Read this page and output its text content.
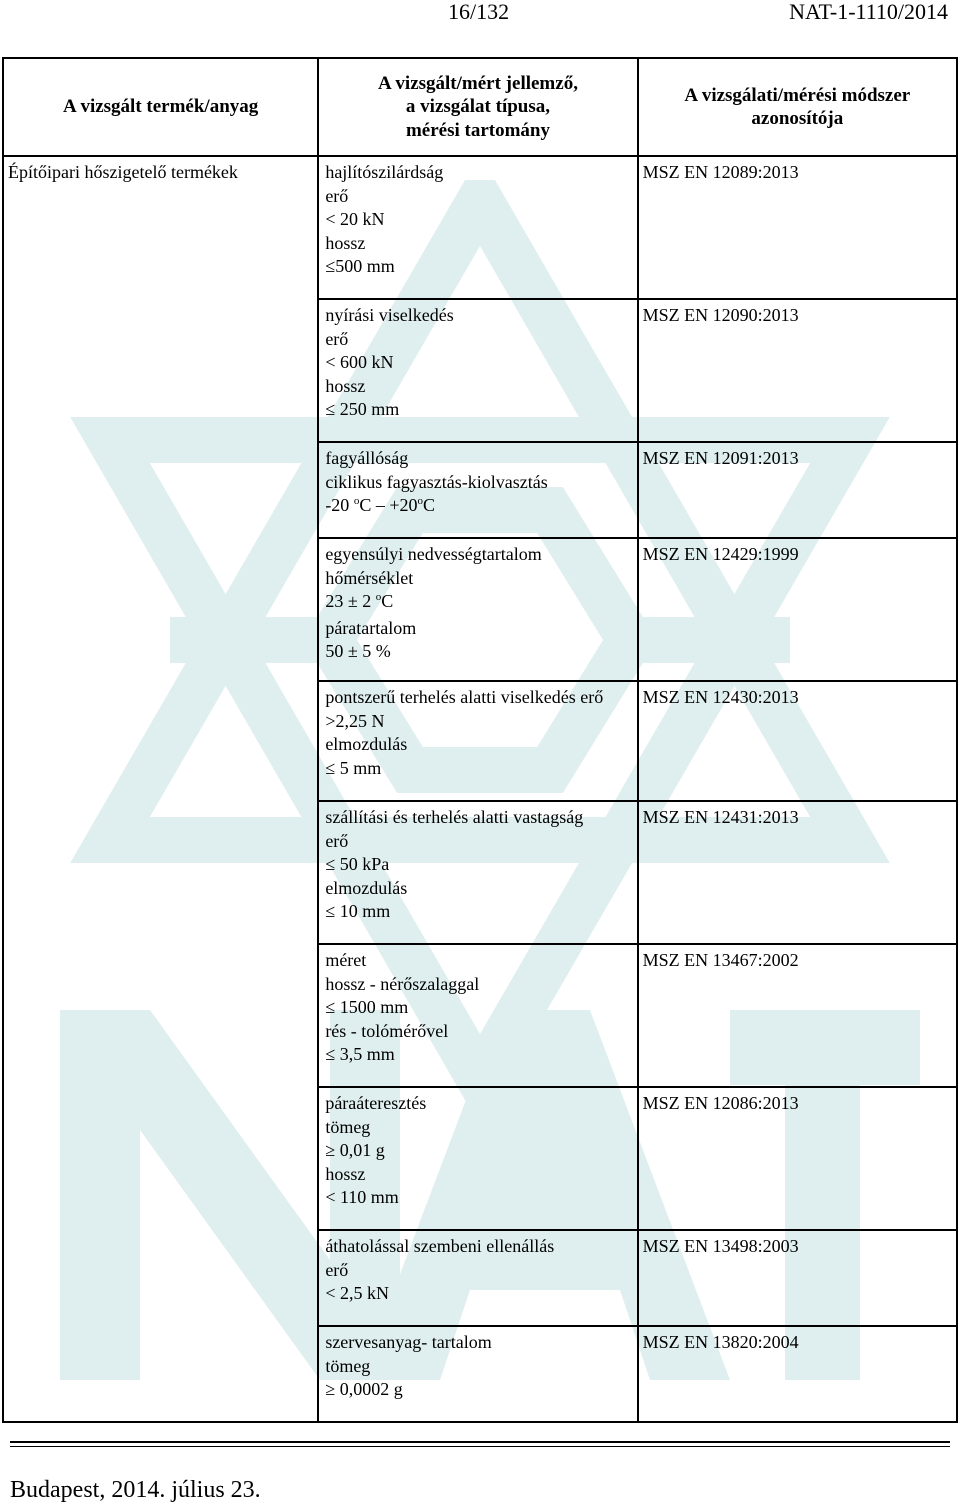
16/132	NAT-1-1110/2014
A vizsgált termék/anyag	A vizsgált/mért jellemző,
a vizsgálat típusa,
mérési tartomány	A vizsgálati/mérési módszer
azonosítója
Építőipari hőszigetelő termékek	hajlítószilárdság
erő
< 20 kN
hossz
≤500 mm	MSZ EN 12089:2013

	nyírási viselkedés
erő
< 600 kN
hossz
≤ 250 mm	MSZ EN 12090:2013

	fagyállóság
ciklikus fagyasztás-kiolvasztás
-20 $^oC - +20^oC$	MSZ EN 12091:2013

	egyensúlyi nedvességtartalom
hőmérséklet
23 ± 2 $^o$C
páratartalom
50 ± 5 %	MSZ EN 12429:1999

	pontszerű terhelés alatti viselkedés erő
>2,25 N
elmozdulás
≤ 5 mm	MSZ EN 12430:2013

	szállítási és terhelés alatti vastagság
erő
≤ 50 kPa
elmozdulás
≤ 10 mm	MSZ EN 12431:2013

	méret
hossz - nérőszalaggal
≤ 1500 mm
rés - tolómérővel
≤ 3,5 mm	MSZ EN 13467:2002

	páraáteresztés
tömeg
≥ 0,01 g
hossz
< 110 mm	MSZ EN 12086:2013

	áthatolással szembeni ellenállás
erő
< 2,5 kN	MSZ EN 13498:2003

	szervesanyag- tartalom
tömeg
≥ 0,0002 g	MSZ EN 13820:2004
Budapest, 2014. július 23.
